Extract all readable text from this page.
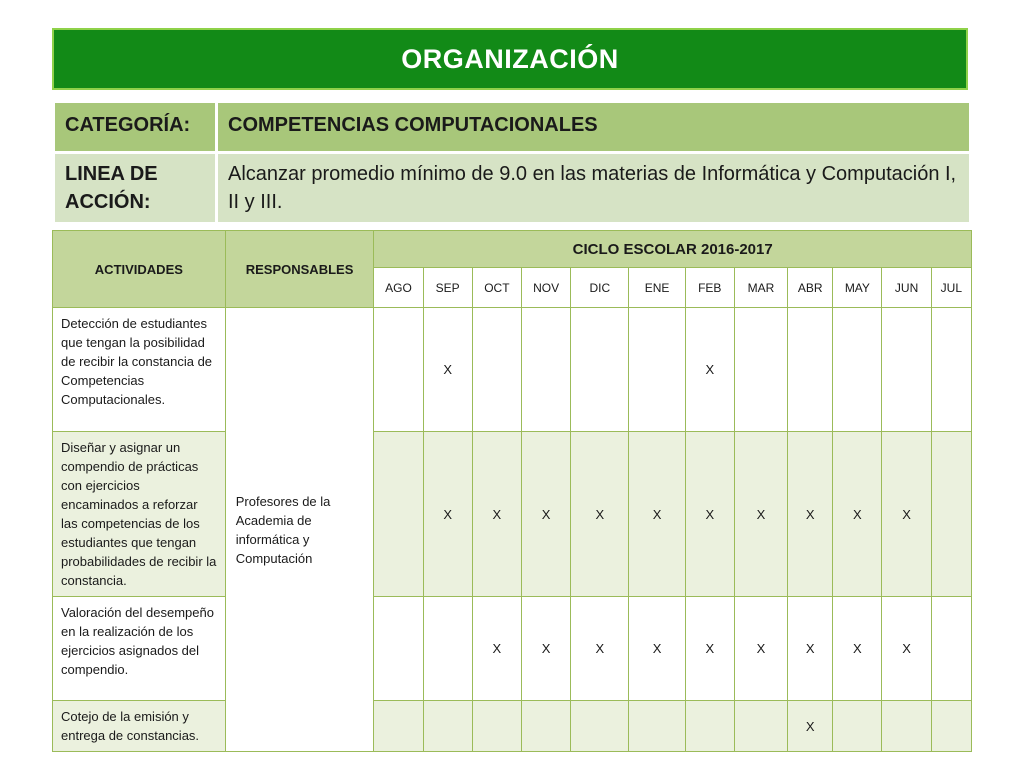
ORGANIZACIÓN
CATEGORÍA:	COMPETENCIAS COMPUTACIONALES
LINEA DE ACCIÓN:	Alcanzar promedio mínimo de 9.0 en las materias de Informática y Computación I, II y III.
ACTIVIDADES	RESPONSABLES	CICLO ESCOLAR 2016-2017											
		AGO	SEP	OCT	NOV	DIC	ENE	FEB	MAR	ABR	MAY	JUN	JUL
Detección de estudiantes que tengan la posibilidad de recibir la constancia de Competencias Computacionales.	Profesores de la Academia de informática y Computación		X					X					
Diseñar y asignar un compendio de prácticas con ejercicios encaminados a reforzar las competencias de los estudiantes que tengan probabilidades de recibir la constancia.			X	X	X	X	X	X	X	X	X	X	
Valoración del desempeño en la realización de los ejercicios asignados del compendio.				X	X	X	X	X	X	X	X	X	
Cotejo de la emisión y entrega de constancias.										X			
